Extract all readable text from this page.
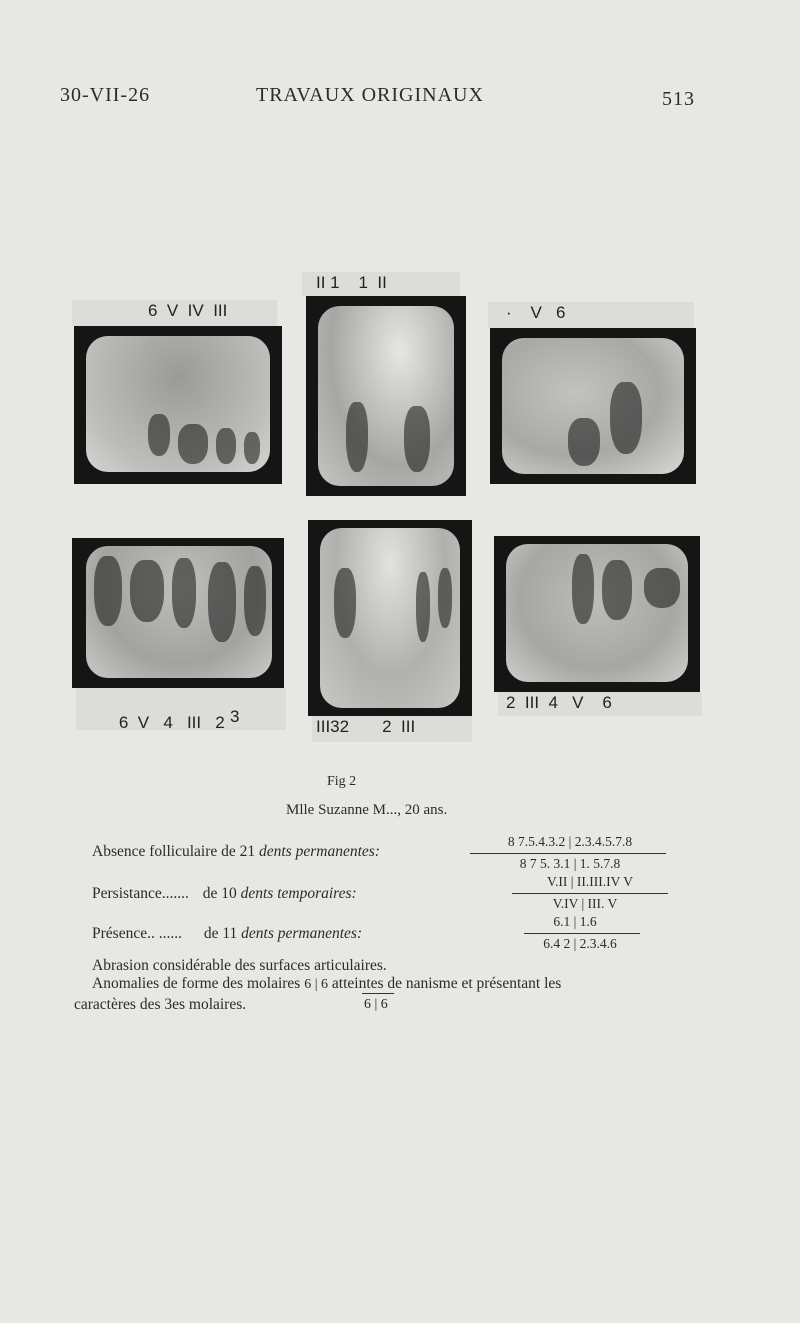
30-VII-26	TRAVAUX ORIGINAUX	513
6  V  IV  III
II 1    1  II
·    V   6

6  V   4   III   2
3

III32       2  III
2  III  4   V    6
Fig 2
Mlle Suzanne M..., 20 ans.
Absence folliculaire de 21 dents permanentes:
8 7.5.4.3.2 | 2.3.4.5.7.8
8 7 5. 3.1 | 1. 5.7.8
Persistance....... de 10 dents temporaires:
V.II | II.III.IV V
V.IV | III. V
Présence.. ...... de 11 dents permanentes:
6.1 | 1.6
6.4 2 | 2.3.4.6
Abrasion considérable des surfaces articulaires.
Anomalies de forme des molaires 6 | 6 atteintes de nanisme et présentant les
caractères des 3es molaires.	6 | 6
